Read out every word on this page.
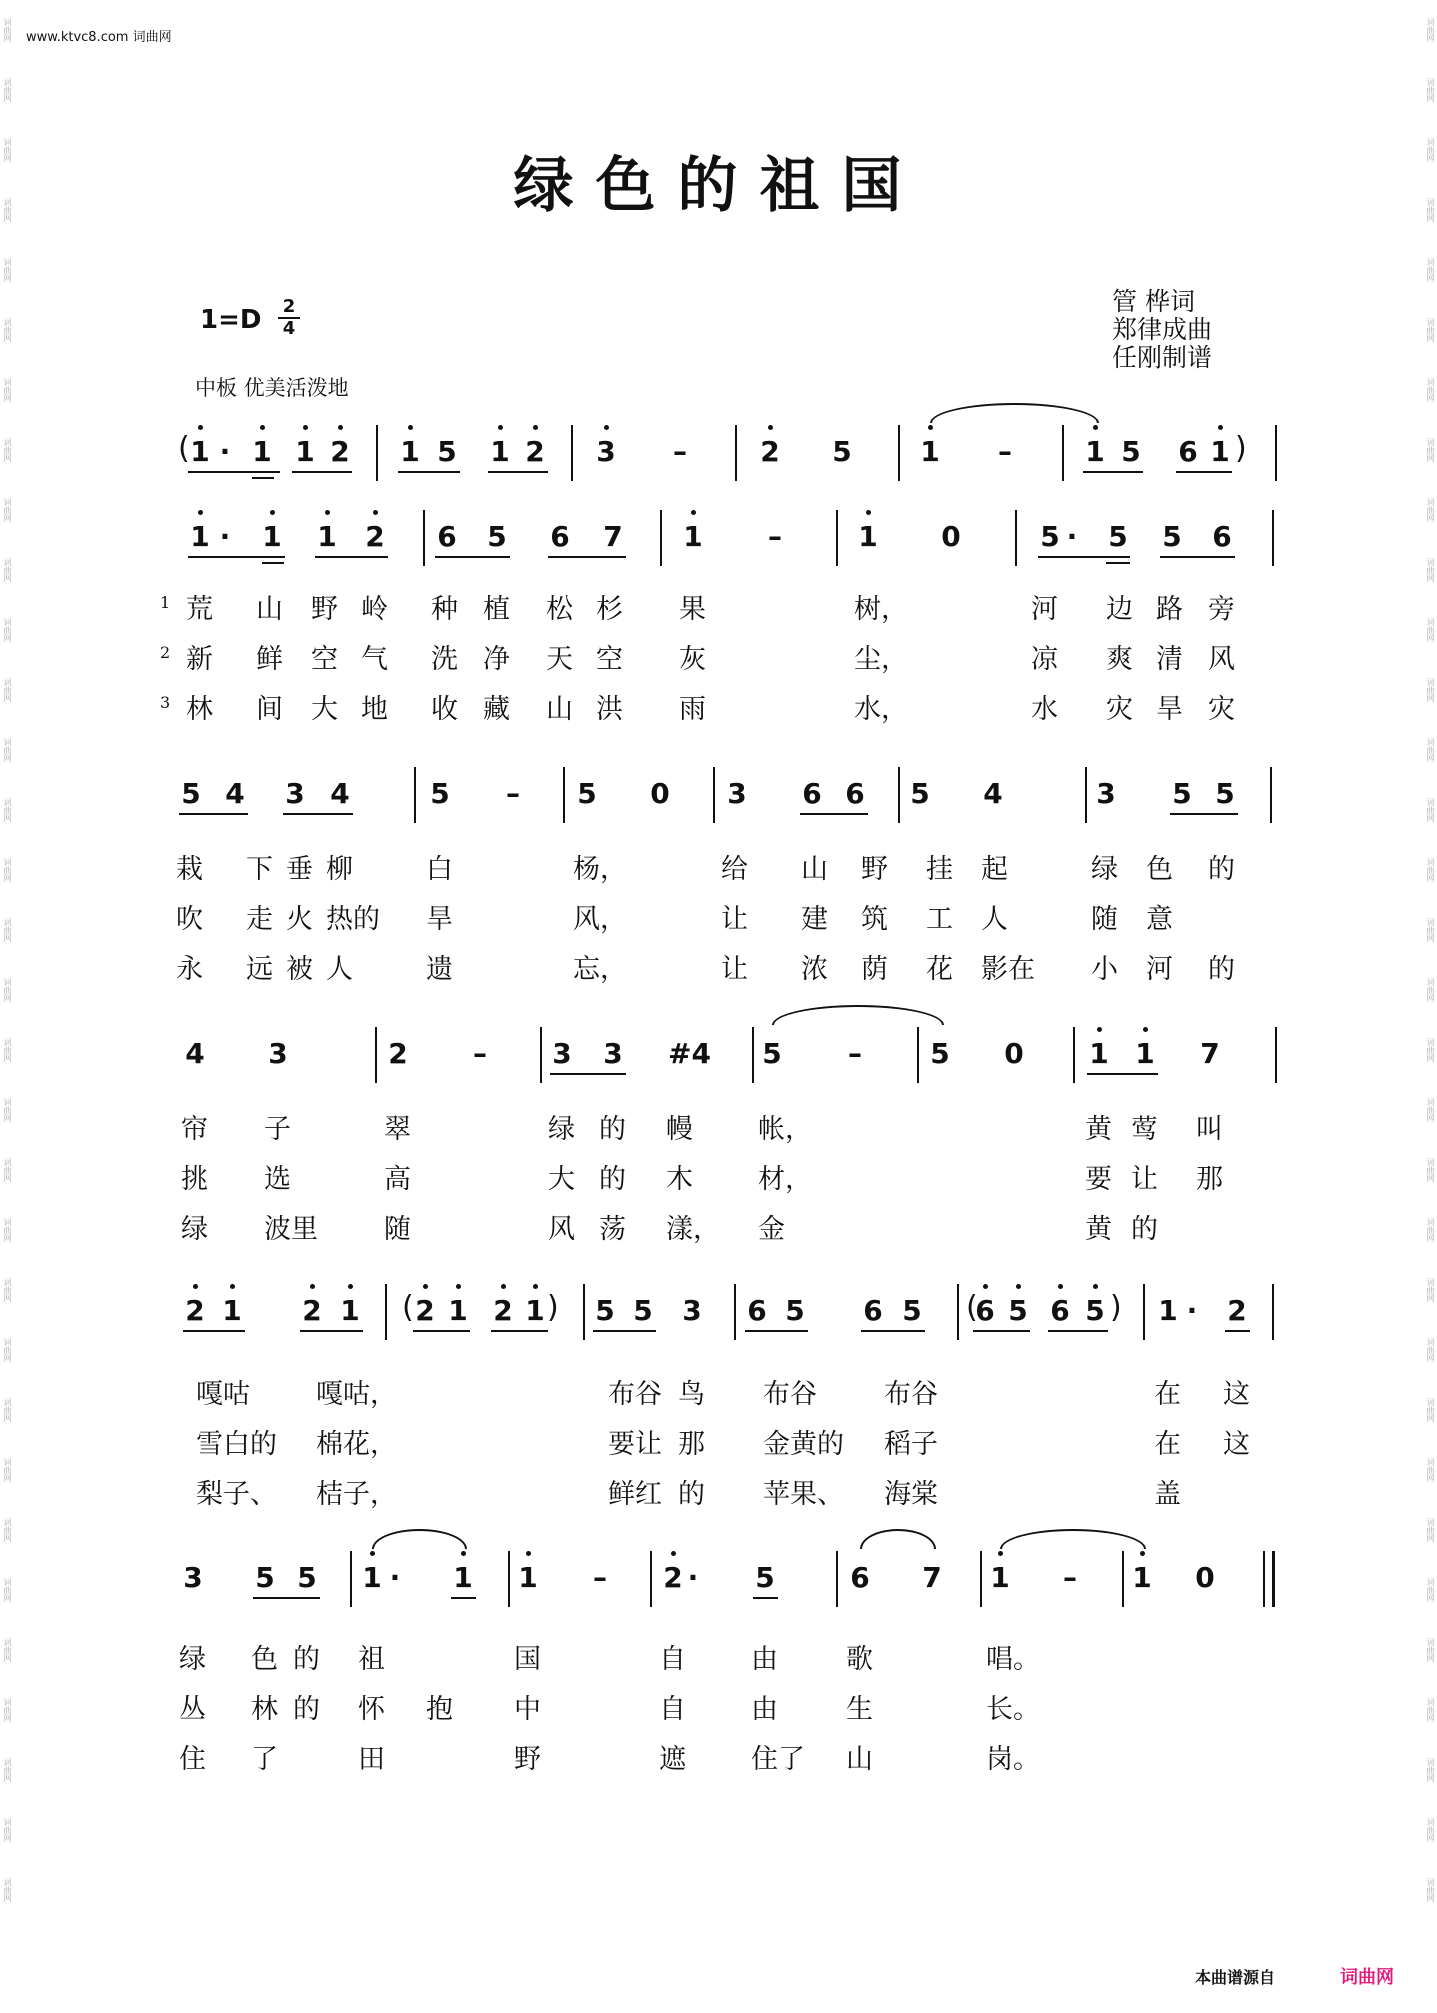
www.ktvc8.com 词曲网
词曲网
词曲网
词曲网
词曲网
词曲网
词曲网
词曲网
词曲网
词曲网
词曲网
词曲网
词曲网
词曲网
词曲网
词曲网
词曲网
词曲网
词曲网
词曲网
词曲网
词曲网
词曲网
词曲网
词曲网
词曲网
词曲网
词曲网
词曲网
词曲网
词曲网
词曲网
词曲网
词曲网
词曲网
词曲网
词曲网
词曲网
词曲网
词曲网
词曲网
词曲网
词曲网
词曲网
词曲网
词曲网
词曲网
词曲网
词曲网
词曲网
词曲网
词曲网
词曲网
词曲网
词曲网
词曲网
词曲网
词曲网
词曲网
词曲网
词曲网
词曲网
词曲网
词曲网
词曲网
绿色的祖国
1=D 2
4
中板 优美活泼地
管 桦词
郑律成曲
任刚制谱
( 1 · 1 1 2 1 5 1 2 3 –	2 5 1 –	1 5 6 1 )
1 · 1 1 2 6 5 6 7 1 –	1 0	5 · 5 5 6
5 4 3 4	5 – 5 0 3 6 6 5 4	3 5 5
4 3	2 – 3 3 #4 5 – 5 0 1 1 7
2 1 2 1 ( 2 1 2 1 ) 5 5 3 6 5 6 5 (
6 5 6 5 ) 1 · 2
3 5 5 1 · 1 1 – 2 · 5	6 7 1 – 1 0
1 荒 山 野 岭 种 植 松 杉 果	树，	河 边 路 旁
2 新 鲜 空 气 洗 净 天 空 灰	尘，	凉 爽 清 风
3 林 间 大 地 收 藏 山 洪 雨	水，	水 灾 旱 灾
栽 下 垂 柳	白	杨，	给 山 野 挂 起	绿 色 的
吹 走 火 热的 旱	风，	让 建 筑 工 人	随 意
永 远 被 人	遗	忘，	让 浓 荫 花 影在 小 河 的
帘 子	翠	绿 的 幔 帐，	黄 莺 叫
挑 选	高	大 的 木 材，	要 让 那
绿 波里 随	风 荡 漾， 金	黄 的
嘎咕 嘎咕，	布谷 鸟 布谷 布谷	在 这
雪白的 棉花，	要让 那 金黄的 稻子	在 这
梨子、 桔子，	鲜红 的 苹果、 海棠	盖
绿 色 的 祖	国	自 由	歌	唱。
丛 林 的 怀 抱 中	自 由	生	长。
住 了	田	野	遮 住了 山	岗。
本曲谱源自	词曲网
